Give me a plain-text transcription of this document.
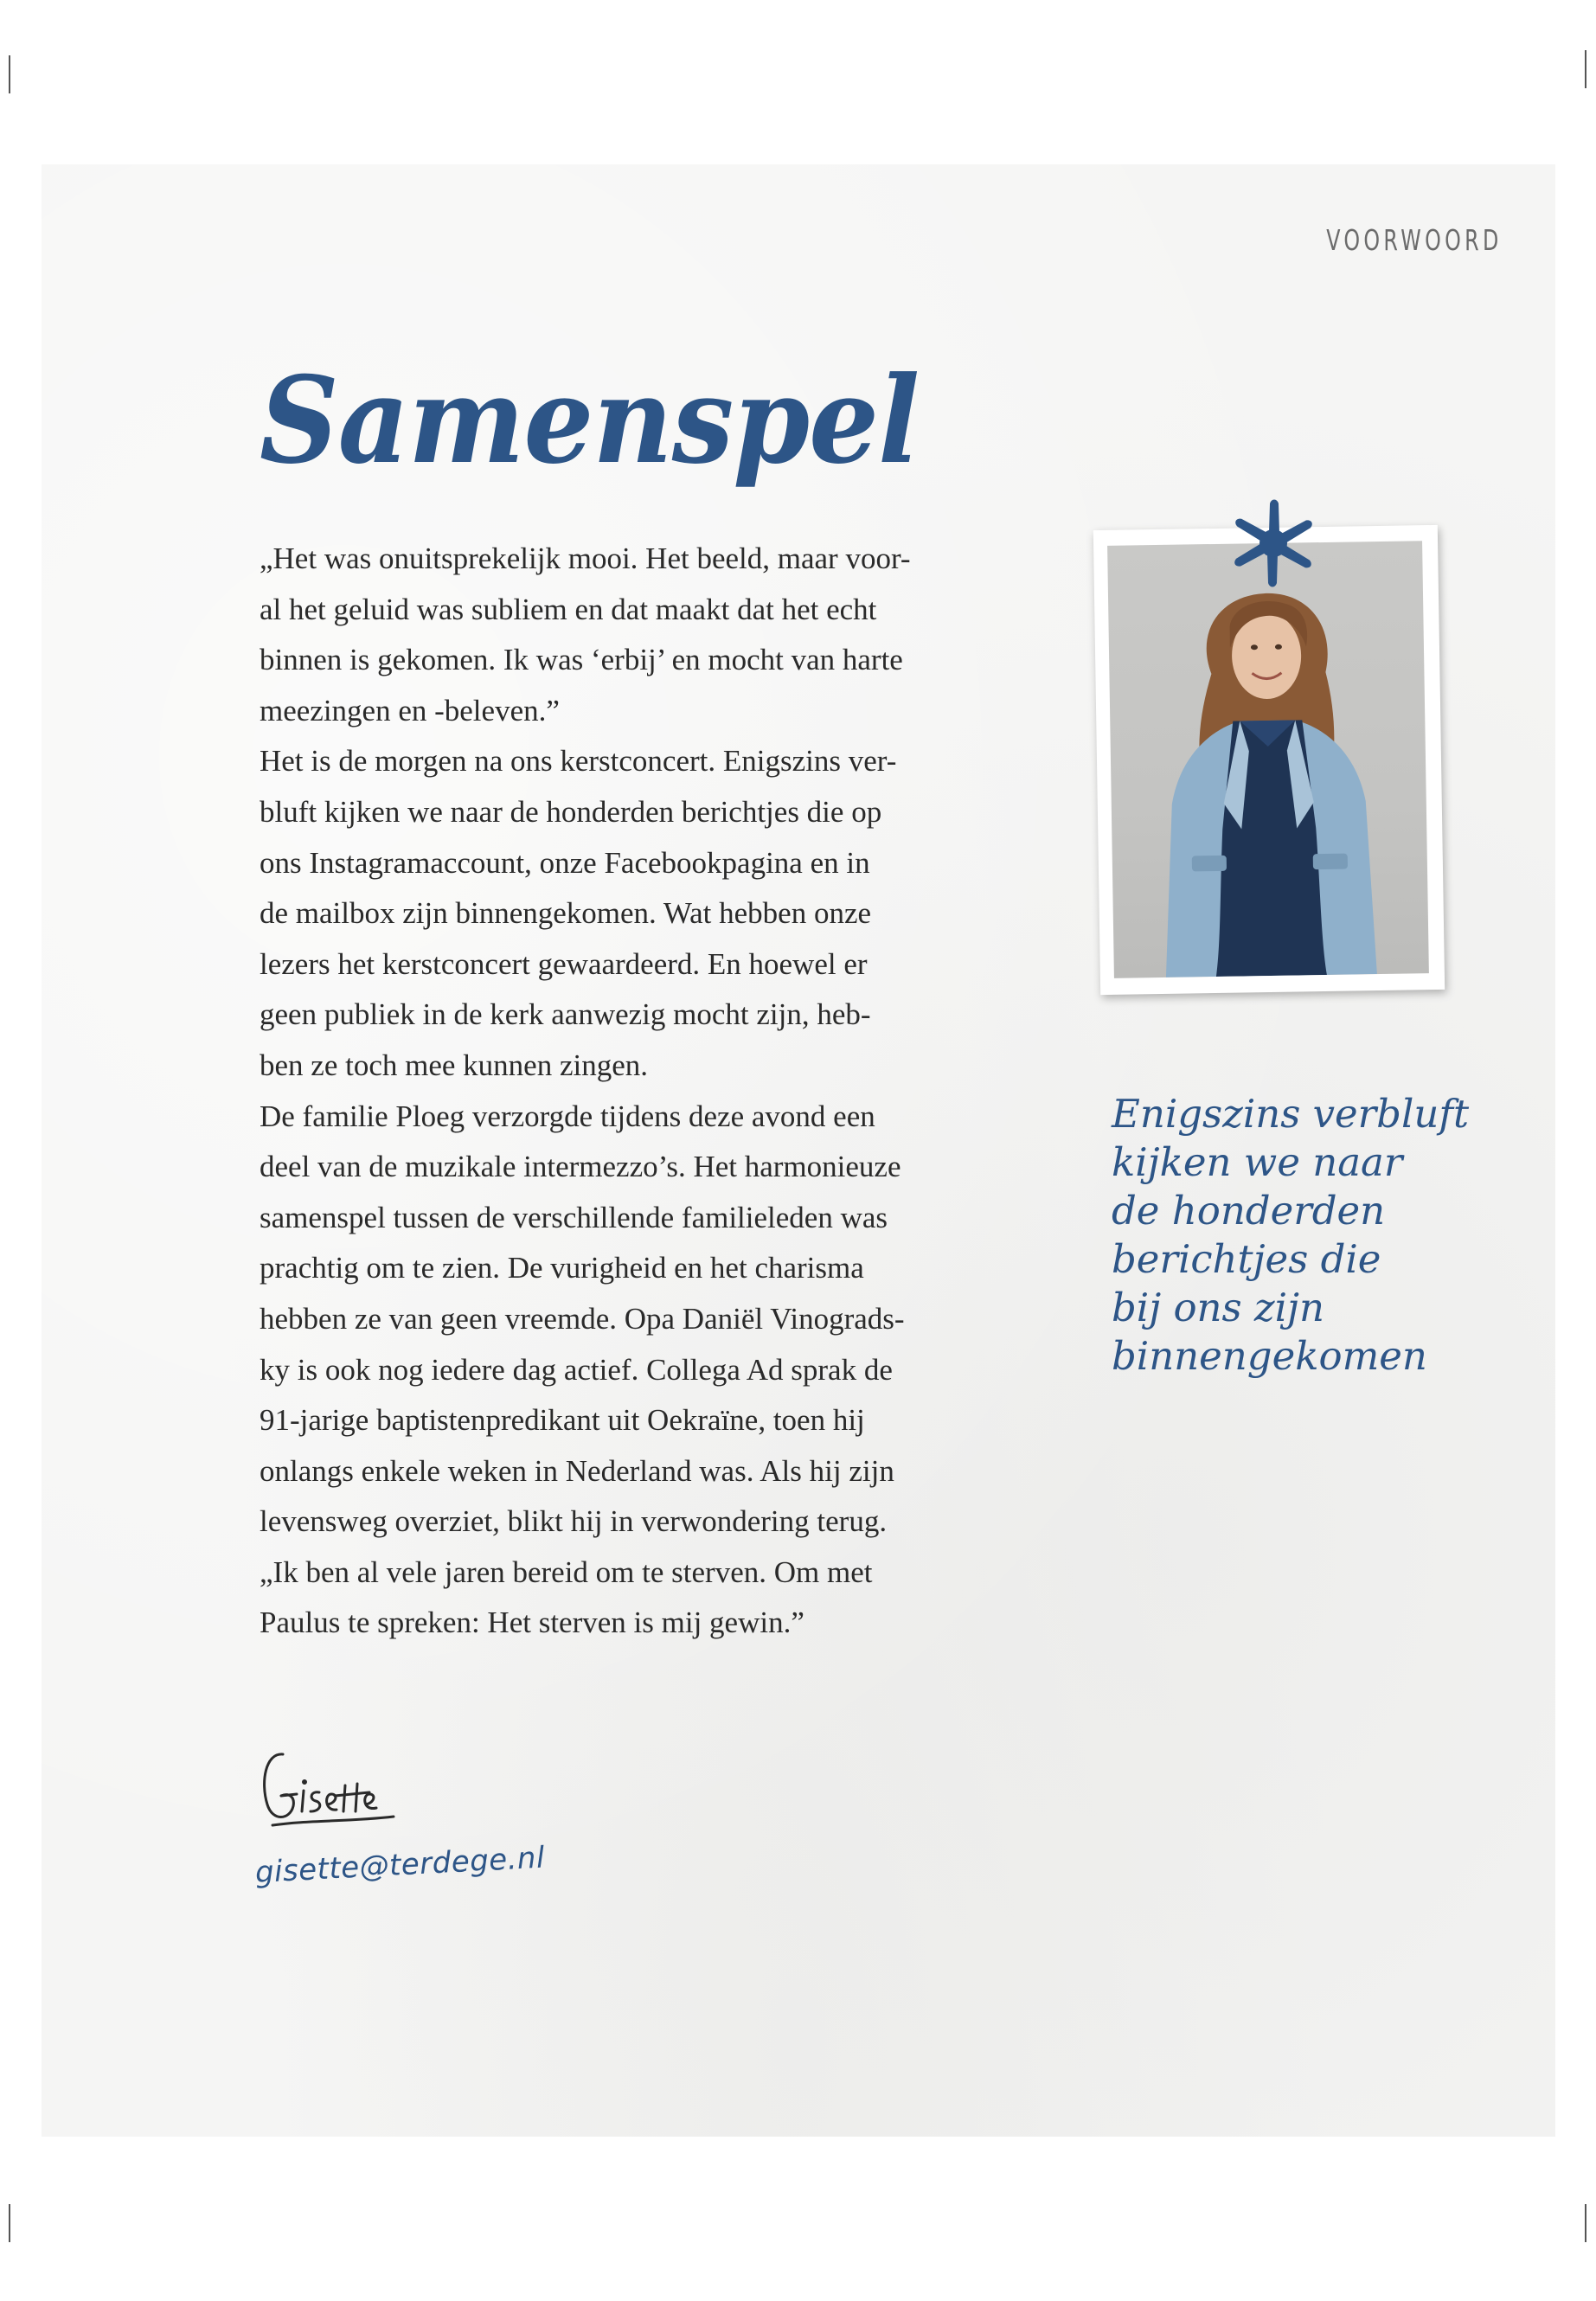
VOORWOORD
Samenspel
„Het was onuitsprekelijk mooi. Het beeld, maar voor-
al het geluid was subliem en dat maakt dat het echt
binnen is gekomen. Ik was ‘erbij’ en mocht van harte
meezingen en -beleven.”
Het is de morgen na ons kerstconcert. Enigszins ver-
bluft kijken we naar de honderden berichtjes die op
ons Instagramaccount, onze Facebookpagina en in
de mailbox zijn binnengekomen. Wat hebben onze
lezers het kerstconcert gewaardeerd. En hoewel er
geen publiek in de kerk aanwezig mocht zijn, heb-
ben ze toch mee kunnen zingen.
De familie Ploeg verzorgde tijdens deze avond een
deel van de muzikale intermezzo’s. Het harmonieuze
samenspel tussen de verschillende familieleden was
prachtig om te zien. De vurigheid en het charisma
hebben ze van geen vreemde. Opa Daniël Vinograds-
ky is ook nog iedere dag actief. Collega Ad sprak de
91-jarige baptistenpredikant uit Oekraïne, toen hij
onlangs enkele weken in Nederland was. Als hij zijn
levensweg overziet, blikt hij in verwondering terug.
„Ik ben al vele jaren bereid om te sterven. Om met
Paulus te spreken: Het sterven is mij gewin.”
Enigszins verbluft
kijken we naar
de honderden
berichtjes die
bij ons zijn
binnengekomen
gisette@terdege.nl
